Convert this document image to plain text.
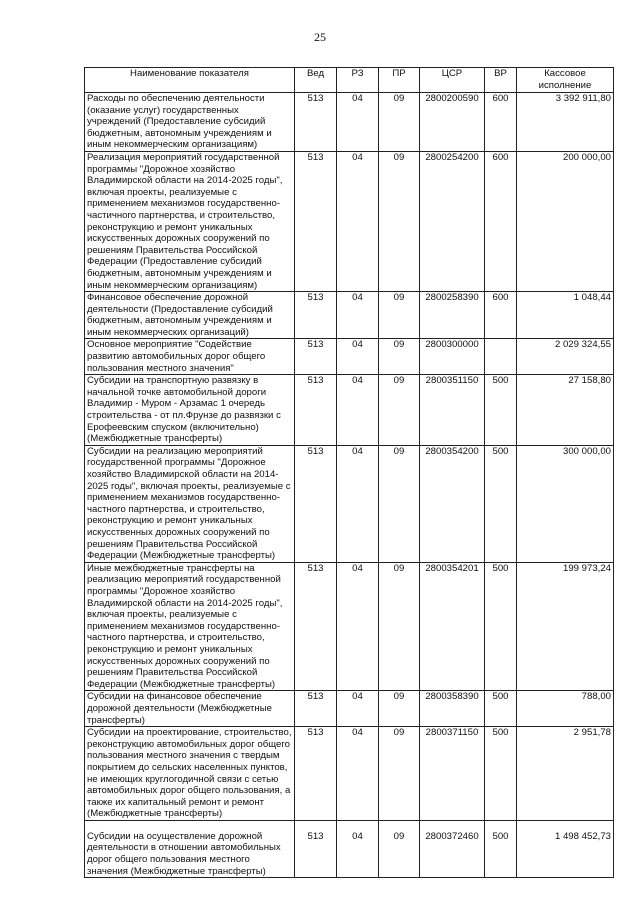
25
Наименование показателя	Вед	РЗ	ПР	ЦСР	ВР	Кассовое исполнение
Расходы по обеспечению деятельности (оказание услуг) государственных учреждений (Предоставление субсидий бюджетным, автономным учреждениям и иным некоммерческим организациям)	513	04	09	2800200590	600	3 392 911,80
Реализация мероприятий государственной программы "Дорожное хозяйство Владимирской области на 2014-2025 годы", включая проекты, реализуемые с применением механизмов государственно-частичного партнерства, и строительство, реконструкцию и ремонт уникальных искусственных дорожных сооружений по решениям Правительства Российской Федерации (Предоставление субсидий бюджетным, автономным учреждениям и иным некоммерческим организациям)	513	04	09	2800254200	600	200 000,00
Финансовое обеспечение дорожной деятельности (Предоставление субсидий бюджетным, автономным учреждениям и иным некоммерческих организаций)	513	04	09	2800258390	600	1 048,44
Основное мероприятие "Содействие развитию автомобильных дорог общего пользования местного значения"	513	04	09	2800300000		2 029 324,55
Субсидии на транспортную развязку в начальной точке автомобильной дороги Владимир - Муром - Арзамас 1 очередь строительства - от пл.Фрунзе до развязки с Ерофеевским спуском (включительно) (Межбюджетные трансферты)	513	04	09	2800351150	500	27 158,80
Субсидии на реализацию мероприятий государственной программы "Дорожное хозяйство Владимирской области на 2014-2025 годы", включая проекты, реализуемые с применением механизмов государственно-частного партнерства, и строительство, реконструкцию и ремонт уникальных искусственных дорожных сооружений по решениям Правительства Российской Федерации (Межбюджетные трансферты)	513	04	09	2800354200	500	300 000,00
Иные межбюджетные трансферты на реализацию мероприятий государственной программы "Дорожное хозяйство Владимирской области на 2014-2025 годы", включая проекты, реализуемые с применением механизмов государственно-частного партнерства, и строительство, реконструкцию и ремонт уникальных искусственных дорожных сооружений по решениям Правительства Российской Федерации (Межбюджетные трансферты)	513	04	09	2800354201	500	199 973,24
Субсидии на финансовое обеспечение дорожной деятельности (Межбюджетные трансферты)	513	04	09	2800358390	500	788,00
Субсидии на проектирование, строительство, реконструкцию автомобильных дорог общего пользования местного значения с твердым покрытием до сельских населенных пунктов, не имеющих круглогодичной связи с сетью автомобильных дорог общего пользования, а также их капитальный ремонт и ремонт (Межбюджетные трансферты)	513	04	09	2800371150	500	2 951,78
Субсидии на осуществление дорожной деятельности в отношении автомобильных дорог общего пользования местного значения (Межбюджетные трансферты)	513	04	09	2800372460	500	1 498 452,73
